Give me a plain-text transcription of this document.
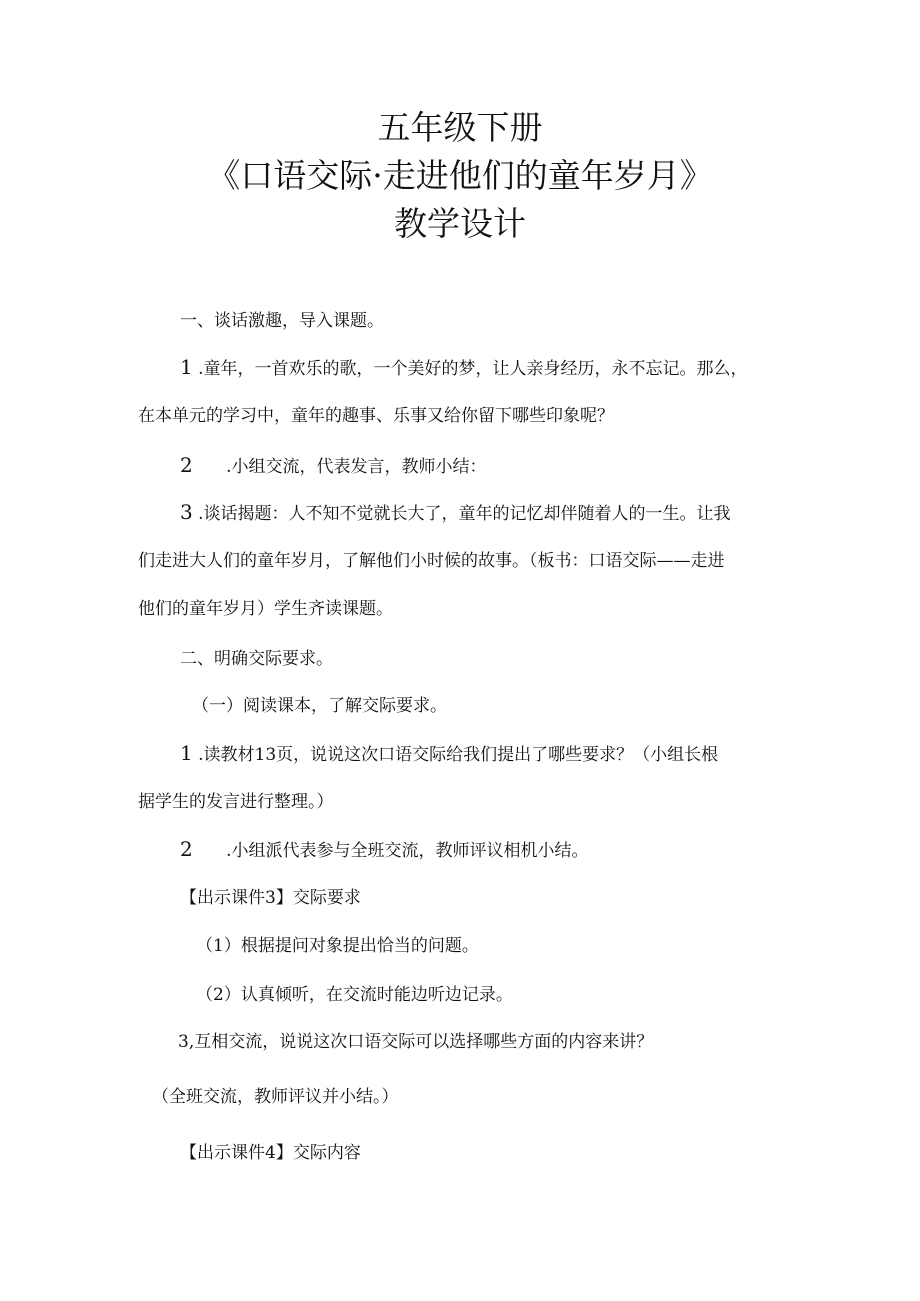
五年级下册
《口语交际·走进他们的童年岁月》
教学设计
一、谈话激趣，导入课题。
1 .童年，一首欢乐的歌，一个美好的梦，让人亲身经历，永不忘记。那么，
在本单元的学习中，童年的趣事、乐事又给你留下哪些印象呢？
2 .小组交流，代表发言，教师小结：
3 .谈话揭题：人不知不觉就长大了，童年的记忆却伴随着人的一生。让我
们走进大人们的童年岁月，了解他们小时候的故事。（板书：口语交际——走进
他们的童年岁月）学生齐读课题。
二、明确交际要求。
（一）阅读课本，了解交际要求。
1 .读教材13页，说说这次口语交际给我们提出了哪些要求？（小组长根
据学生的发言进行整理。）
2 .小组派代表参与全班交流，教师评议相机小结。
【出示课件3】交际要求
（1）根据提问对象提出恰当的问题。
（2）认真倾听，在交流时能边听边记录。
3,互相交流，说说这次口语交际可以选择哪些方面的内容来讲？
（全班交流，教师评议并小结。）
【出示课件4】交际内容
